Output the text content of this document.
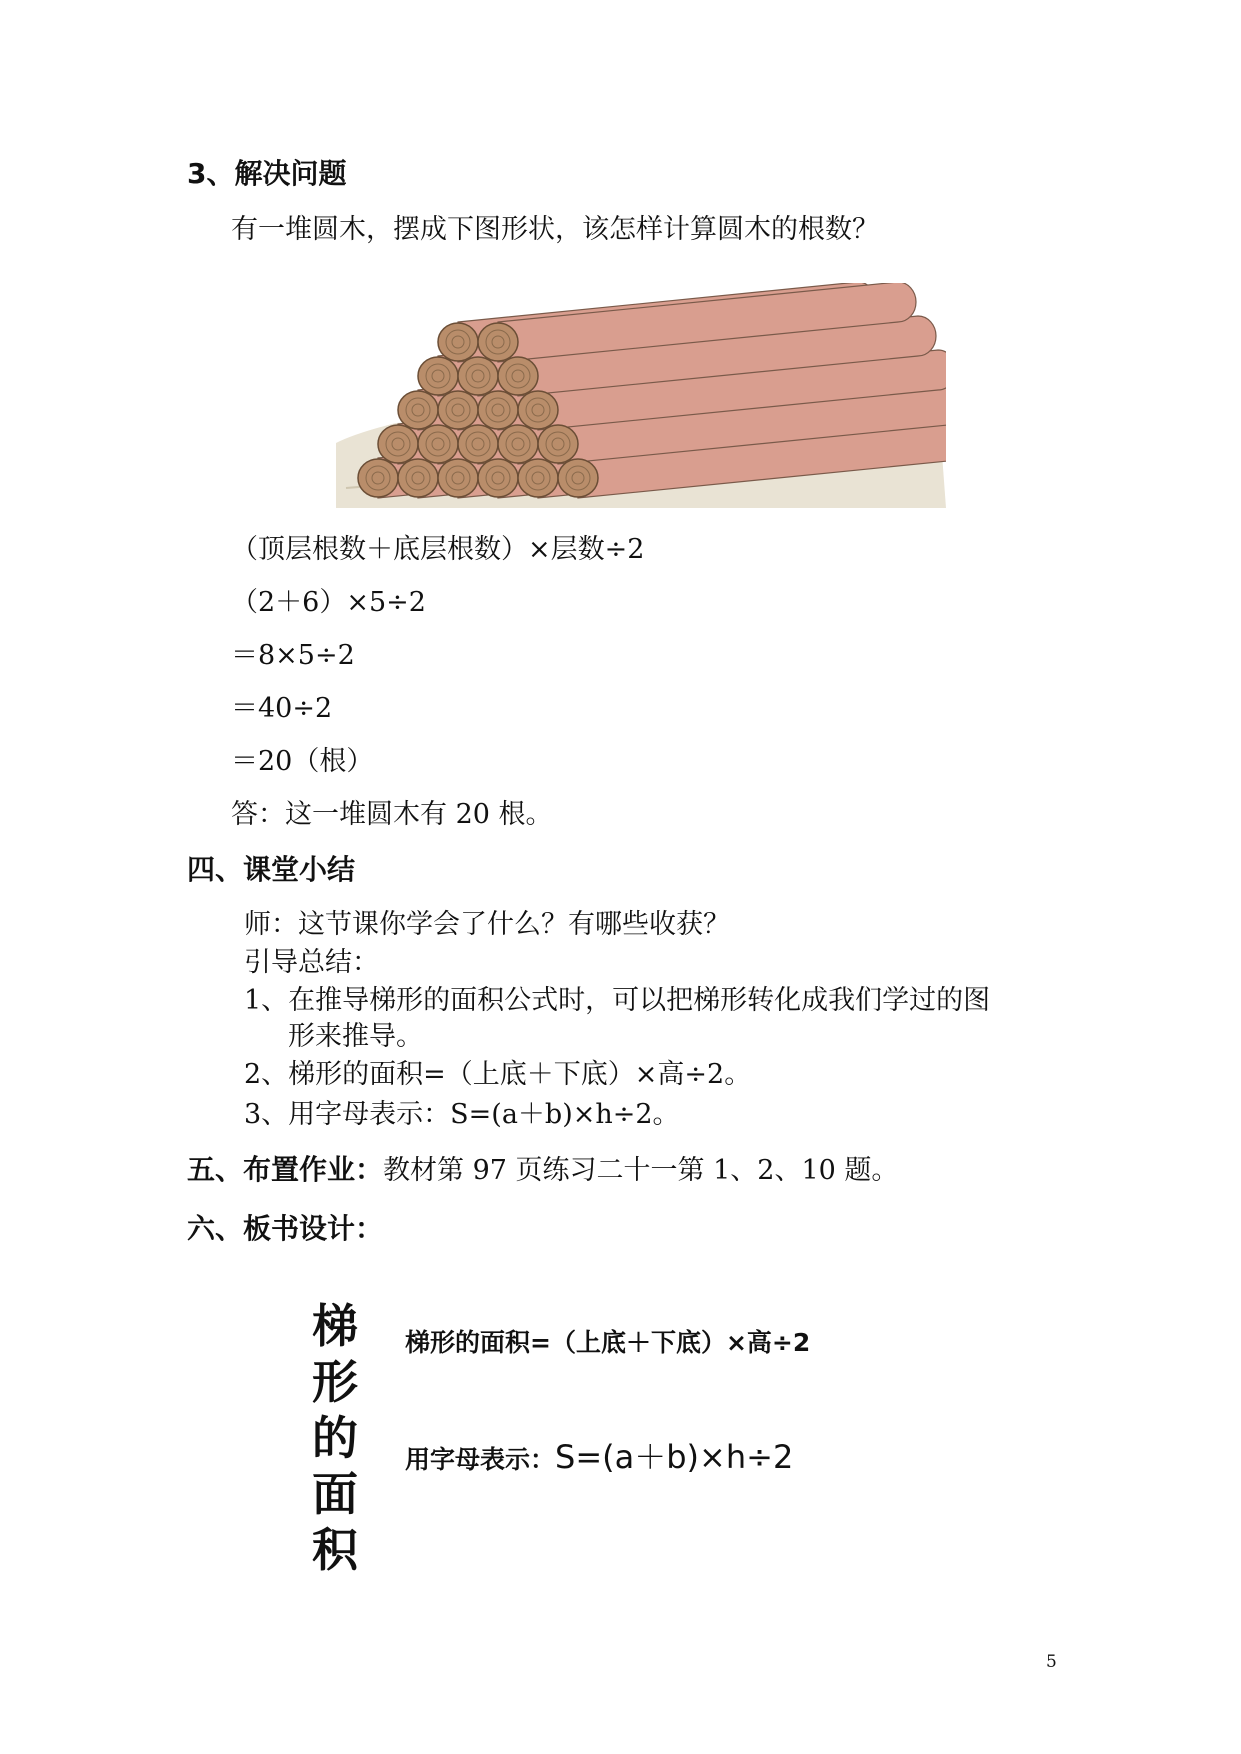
3、解决问题
有一堆圆木，摆成下图形状，该怎样计算圆木的根数？
（顶层根数＋底层根数）×层数÷2
（2＋6）×5÷2
＝8×5÷2
＝40÷2
＝20（根）
答：这一堆圆木有 20 根。
四、课堂小结
师：这节课你学会了什么？有哪些收获？
引导总结：
1、在推导梯形的面积公式时，可以把梯形转化成我们学过的图
形来推导。
2、梯形的面积=（上底＋下底）×高÷2。
3、用字母表示：S=(a＋b)×h÷2。
五、布置作业：教材第 97 页练习二十一第 1、2、10 题。
六、板书设计：
梯
形
的
面
积
梯形的面积=（上底＋下底）×高÷2
用字母表示：S=(a＋b)×h÷2
5
